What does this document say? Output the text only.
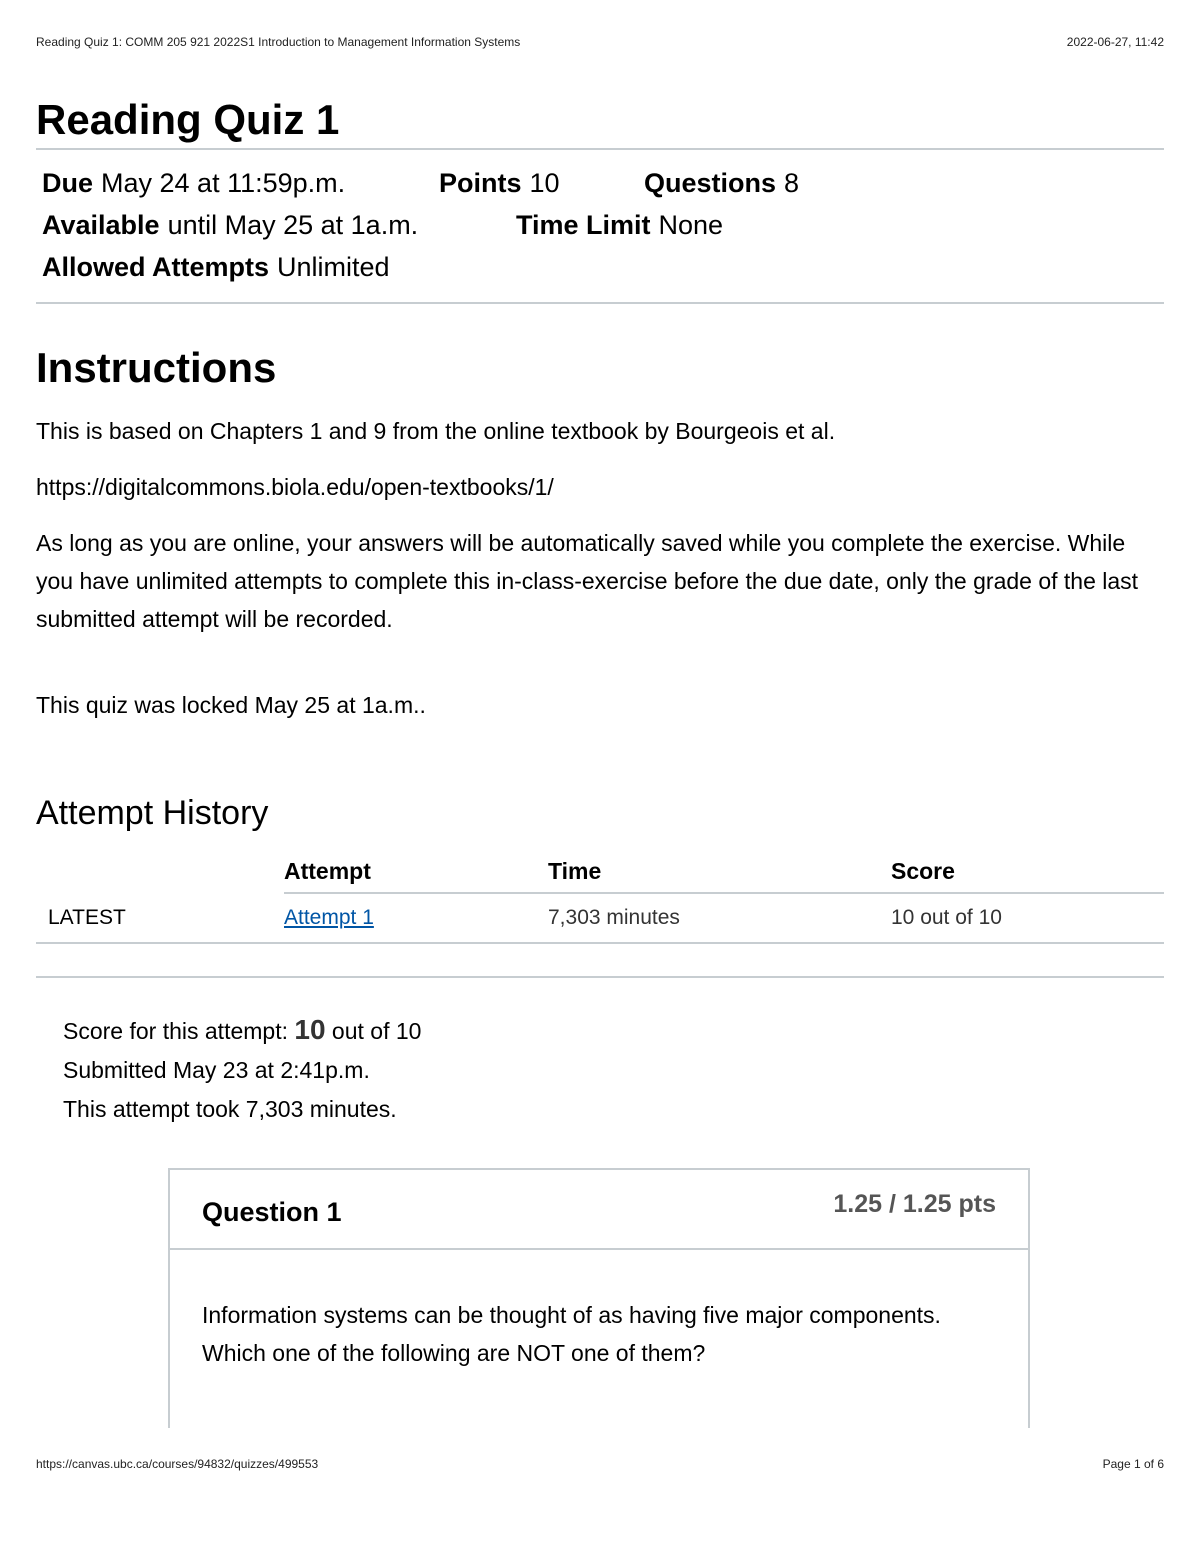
Reading Quiz 1: COMM 205 921 2022S1 Introduction to Management Information Systems	2022-06-27, 11:42
Reading Quiz 1
Due May 24 at 11:59p.m.	Points 10	Questions 8
Available until May 25 at 1a.m.	Time Limit None
Allowed Attempts Unlimited
Instructions

This is based on Chapters 1 and 9 from the online textbook by Bourgeois et al.

https://digitalcommons.biola.edu/open-textbooks/1/

As long as you are online, your answers will be automatically saved while you complete the exercise. While you have unlimited attempts to complete this in-class-exercise before the due date, only the grade of the last submitted attempt will be recorded.

This quiz was locked May 25 at 1a.m..

Attempt History
	Attempt	Time	Score
LATEST	Attempt 1	7,303 minutes	10 out of 10
Score for this attempt: 10 out of 10
Submitted May 23 at 2:41p.m.
This attempt took 7,303 minutes.
Question 1	1.25 / 1.25 pts
Information systems can be thought of as having five major components. Which one of the following are NOT one of them?
https://canvas.ubc.ca/courses/94832/quizzes/499553	Page 1 of 6
